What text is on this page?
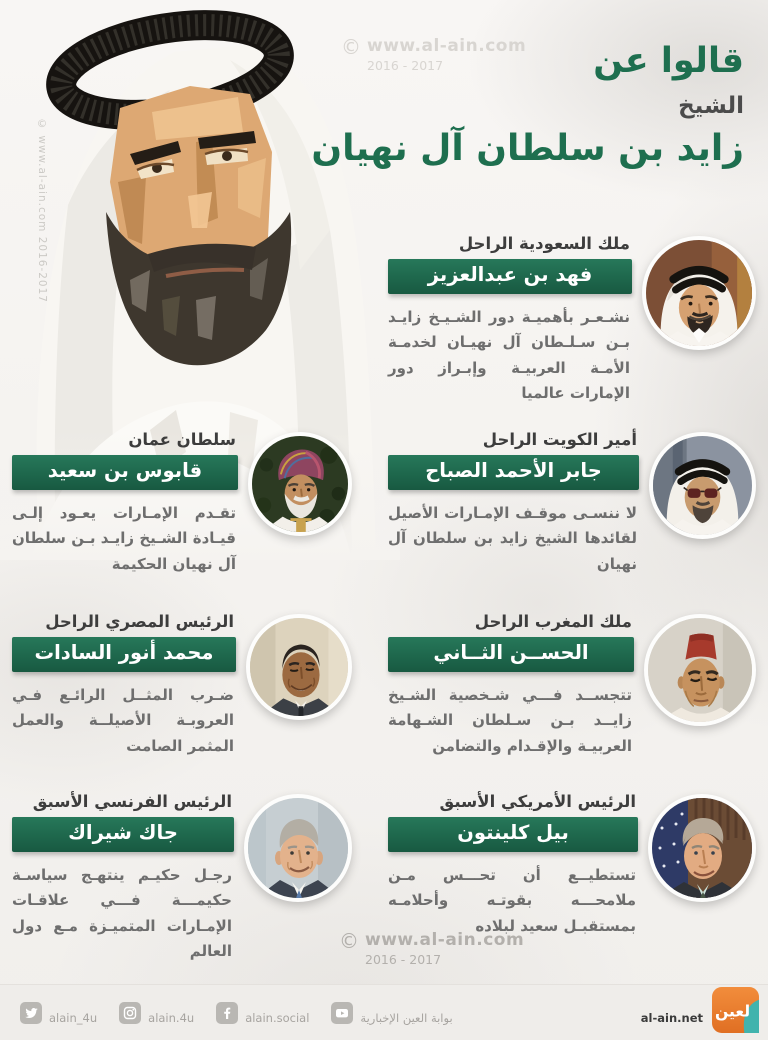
© www.al-ain.com
2016 - 2017
© www.al-ain.com 2016-2017
قالوا عن
الشيخ
زايد بن سلطان آل نهيان
ملك السعودية الراحل
فهد بن عبدالعزيز

نشـعـر بأهميـة دور الشـيـخ زايـد بـن سـلـطان آل نهيـان لخدمـة الأمـة العربيـة وإبـراز دور الإمارات عالميا

سلطان عمان
قابوس بن سعيد

تقـدم الإمـارات يعـود إلـى قيـادة الشـيخ زايـد بـن سلطان آل نهيان الحكيمة

أمير الكويت الراحل
جابر الأحمد الصباح

لا ننسـى موقـف الإمـارات الأصيل لقائدها الشيخ زايد بن سلطان آل نهيان

الرئيس المصري الراحل
محمد أنور السادات

ضـرب المثــل الرائـع فـي العروبـة الأصيلــة والعمل المثمر الصامت

ملك المغرب الراحل
الحســن الثــاني

تتجســد فـــي شـخصية الشـيخ زايــد بـن سـلطان الشـهامة العربيـة والإقـدام والتضامن

الرئيس الفرنسي الأسبق
جاك شيراك

رجـل حكيـم ينتهـج سياسـة حكيمـــة فـــي علاقـات الإمـارات المتميـزة مـع دول العالم

الرئيس الأمريكي الأسبق
بيل كلينتون

تستطيــع أن تحـــس مـن ملامحـــه بقوتـه وأحلامـه بمستقبـل سعيد لبلاده

© www.al-ain.com
2016 - 2017
alain_4u	alain.4u	alain.social	بوابة العين الإخبارية	al-ain.net لعين
